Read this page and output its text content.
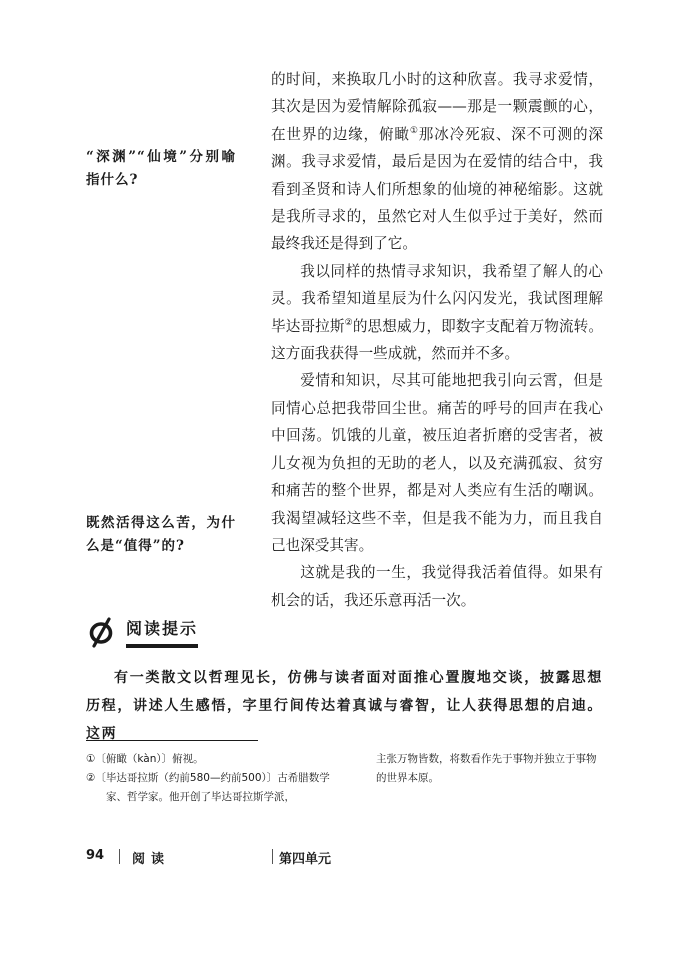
的时间，来换取几小时的这种欣喜。我寻求爱情，其次是因为爱情解除孤寂——那是一颗震颤的心，在世界的边缘，俯瞰①那冰冷死寂、深不可测的深渊。我寻求爱情，最后是因为在爱情的结合中，我看到圣贤和诗人们所想象的仙境的神秘缩影。这就是我所寻求的，虽然它对人生似乎过于美好，然而最终我还是得到了它。

我以同样的热情寻求知识，我希望了解人的心灵。我希望知道星辰为什么闪闪发光，我试图理解毕达哥拉斯②的思想威力，即数字支配着万物流转。这方面我获得一些成就，然而并不多。

爱情和知识，尽其可能地把我引向云霄，但是同情心总把我带回尘世。痛苦的呼号的回声在我心中回荡。饥饿的儿童，被压迫者折磨的受害者，被儿女视为负担的无助的老人，以及充满孤寂、贫穷和痛苦的整个世界，都是对人类应有生活的嘲讽。我渴望减轻这些不幸，但是我不能为力，而且我自己也深受其害。

这就是我的一生，我觉得我活着值得。如果有机会的话，我还乐意再活一次。

“深渊”“仙境”分别喻指什么?
既然活得这么苦，为什么是“值得”的?
阅读提示
有一类散文以哲理见长，仿佛与读者面对面推心置腹地交谈，披露思想历程，讲述人生感悟，字里行间传达着真诚与睿智，让人获得思想的启迪。这两

①〔俯瞰（kàn）〕俯视。

②〔毕达哥拉斯（约前580—约前500）〕古希腊数学家、哲学家。他开创了毕达哥拉斯学派，

主张万物皆数，将数看作先于事物并独立于事物的世界本原。

94 阅读	第四单元
